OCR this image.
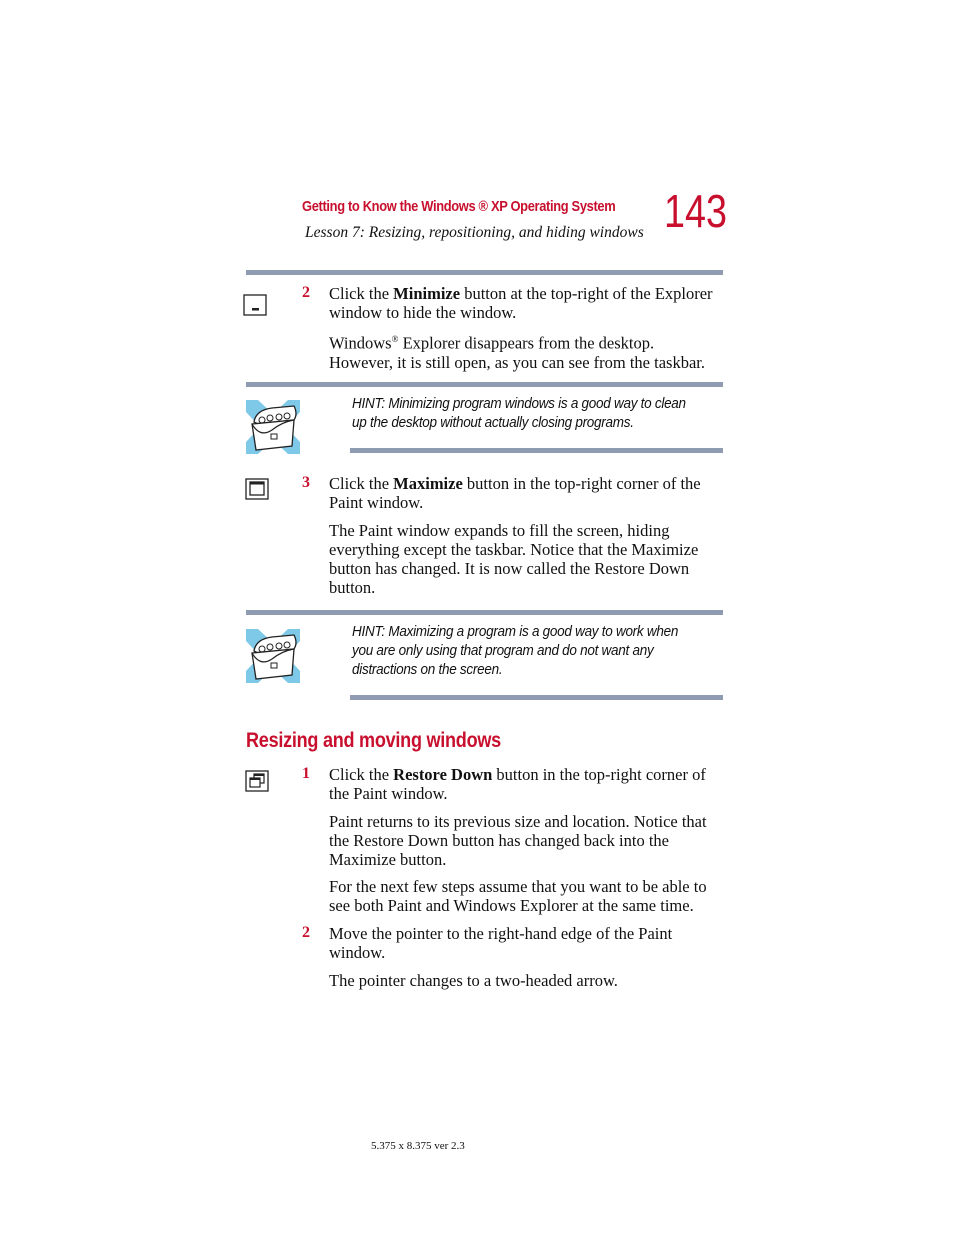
Getting to Know the Windows ® XP Operating System
Lesson 7: Resizing, repositioning, and hiding windows 143
2 Click the Minimize button at the top-right of the Explorer window to hide the window.
Windows® Explorer disappears from the desktop. However, it is still open, as you can see from the taskbar.
HINT: Minimizing program windows is a good way to clean up the desktop without actually closing programs.
3 Click the Maximize button in the top-right corner of the Paint window.
The Paint window expands to fill the screen, hiding everything except the taskbar. Notice that the Maximize button has changed. It is now called the Restore Down button.
HINT: Maximizing a program is a good way to work when you are only using that program and do not want any distractions on the screen.
Resizing and moving windows
1 Click the Restore Down button in the top-right corner of the Paint window.
Paint returns to its previous size and location. Notice that the Restore Down button has changed back into the Maximize button.
For the next few steps assume that you want to be able to see both Paint and Windows Explorer at the same time.
2 Move the pointer to the right-hand edge of the Paint window.
The pointer changes to a two-headed arrow.
5.375 x 8.375 ver 2.3
